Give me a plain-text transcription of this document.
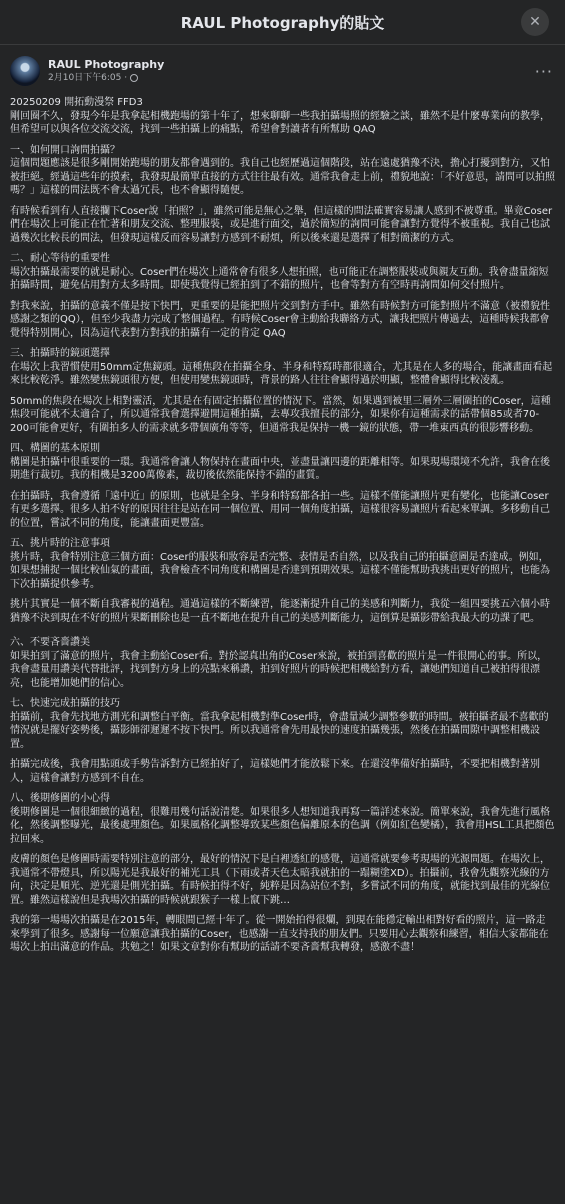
RAUL Photography的貼文	✕
RAUL Photography
2月10日下午6:05 ·	···

20250209 開拓動漫祭 FFD3

剛回圈不久，發現今年是我拿起相機跑場的第十年了，想來聊聊一些我拍攝場照的經驗之談，雖然不是什麼專業向的教學，但希望可以與各位交流交流，找到一些拍攝上的痛點，希望會對讀者有所幫助 QAQ

一、如何開口詢問拍攝？

這個問題應該是很多剛開始跑場的朋友都會遇到的。我自己也經歷過這個階段，站在遠處猶豫不決，擔心打擾到對方，又怕被拒絕。經過這些年的摸索，我發現最簡單直接的方式往往最有效。通常我會走上前，禮貌地說：「不好意思，請問可以拍照嗎？」這樣的問法既不會太過冗長，也不會顯得隨便。

有時候看到有人直接攔下Coser說「拍照？」，雖然可能是無心之舉，但這樣的問法確實容易讓人感到不被尊重。畢竟Coser們在場次上可能正在忙著和朋友交流、整理服裝，或是進行面交，過於簡短的詢問可能會讓對方覺得不被重視。我自己也試過幾次比較長的問法，但發現這樣反而容易讓對方感到不耐煩，所以後來還是選擇了相對簡潔的方式。

二、耐心等待的重要性

場次拍攝最需要的就是耐心。Coser們在場次上通常會有很多人想拍照，也可能正在調整服裝或與親友互動。我會盡量縮短拍攝時間，避免佔用對方太多時間。即使我覺得已經拍到了不錯的照片，也會等對方有空時再詢問如何交付照片。

對我來說，拍攝的意義不僅是按下快門，更重要的是能把照片交到對方手中。雖然有時候對方可能對照片不滿意（被禮貌性感謝之類的QQ），但至少我盡力完成了整個過程。有時候Coser會主動給我聯絡方式，讓我把照片傳過去，這種時候我都會覺得特別開心，因為這代表對方對我的拍攝有一定的肯定 QAQ

三、拍攝時的鏡頭選擇

在場次上我習慣使用50mm定焦鏡頭。這種焦段在拍攝全身、半身和特寫時都很適合，尤其是在人多的場合，能讓畫面看起來比較乾淨。雖然變焦鏡頭很方便，但使用變焦鏡頭時，背景的路人往往會顯得過於明顯，整體會顯得比較凌亂。

50mm的焦段在場次上相對靈活，尤其是在有固定拍攝位置的情況下。當然，如果遇到被里三層外三層圍拍的Coser，這種焦段可能就不太適合了，所以通常我會選擇避開這種拍攝，去專攻我擅長的部分，如果你有這種需求的話帶個85或者70-200可能會更好，有圍拍多人的需求就多帶個廣角等等，但通常我是保持一機一鏡的狀態，帶一堆東西真的很影響移動。

四、構圖的基本原則

構圖是拍攝中很重要的一環。我通常會讓人物保持在畫面中央，並盡量讓四邊的距離相等。如果現場環境不允許，我會在後期進行裁切。我的相機是3200萬像素，裁切後依然能保持不錯的畫質。

在拍攝時，我會遵循「遠中近」的原則，也就是全身、半身和特寫都各拍一些。這樣不僅能讓照片更有變化，也能讓Coser有更多選擇。很多人拍不好的原因往往是站在同一個位置、用同一個角度拍攝，這樣很容易讓照片看起來單調。多移動自己的位置，嘗試不同的角度，能讓畫面更豐富。

五、挑片時的注意事項

挑片時，我會特別注意三個方面：Coser的服裝和妝容是否完整、表情是否自然，以及我自己的拍攝意圖是否達成。例如，如果想捕捉一個比較仙氣的畫面，我會檢查不同角度和構圖是否達到預期效果。這樣不僅能幫助我挑出更好的照片，也能為下次拍攝提供參考。

挑片其實是一個不斷自我審視的過程。通過這樣的不斷練習，能逐漸提升自己的美感和判斷力，我從一組四要挑五六個小時猶豫不決到現在不好的照片果斷刪除也是一直不斷地在提升自己的美感判斷能力，這倒算是攝影帶給我最大的功課了吧。

六、不要吝嗇讚美

如果拍到了滿意的照片，我會主動給Coser看。對於認真出角的Coser來說，被拍到喜歡的照片是一件很開心的事。所以，我會盡量用讚美代替批評，找到對方身上的亮點來稱讚，拍到好照片的時候把相機給對方看，讓她們知道自己被拍得很漂亮，也能增加她們的信心。

七、快速完成拍攝的技巧

拍攝前，我會先找地方測光和調整白平衡。當我拿起相機對準Coser時，會盡量減少調整參數的時間。被拍攝者最不喜歡的情況就是擺好姿勢後，攝影師卻遲遲不按下快門。所以我通常會先用最快的速度拍攝幾張，然後在拍攝間隙中調整相機設置。

拍攝完成後，我會用點頭或手勢告訴對方已經拍好了，這樣她們才能放鬆下來。在還沒準備好拍攝時，不要把相機對著別人，這樣會讓對方感到不自在。

八、後期修圖的小心得

後期修圖是一個很細緻的過程，很難用幾句話說清楚。如果很多人想知道我再寫一篇詳述來說。簡單來說，我會先進行風格化，然後調整曝光，最後處理顏色。如果風格化調整導致某些顏色偏離原本的色調（例如紅色變橘），我會用HSL工具把顏色拉回來。

皮膚的顏色是修圖時需要特別注意的部分，最好的情況下是白裡透紅的感覺，這通常就要參考現場的光源問題。在場次上，我通常不帶燈具，所以陽光是我最好的補光工具（下雨或者天色太暗我就拍的一蹋糊塗XD）。拍攝前，我會先觀察光線的方向，決定是順光、逆光還是側光拍攝。有時候拍得不好，純粹是因為站位不對，多嘗試不同的角度，就能找到最佳的光線位置。雖然這樣說但是我場次拍攝的時候就跟猴子一樣上竄下跳…

我的第一場場次拍攝是在2015年，轉眼間已經十年了。從一開始拍得很爛，到現在能穩定輸出相對好看的照片，這一路走來學到了很多。感謝每一位願意讓我拍攝的Coser，也感謝一直支持我的朋友們。只要用心去觀察和練習，相信大家都能在場次上拍出滿意的作品。共勉之！如果文章對你有幫助的話請不要吝嗇幫我轉發，感激不盡！
